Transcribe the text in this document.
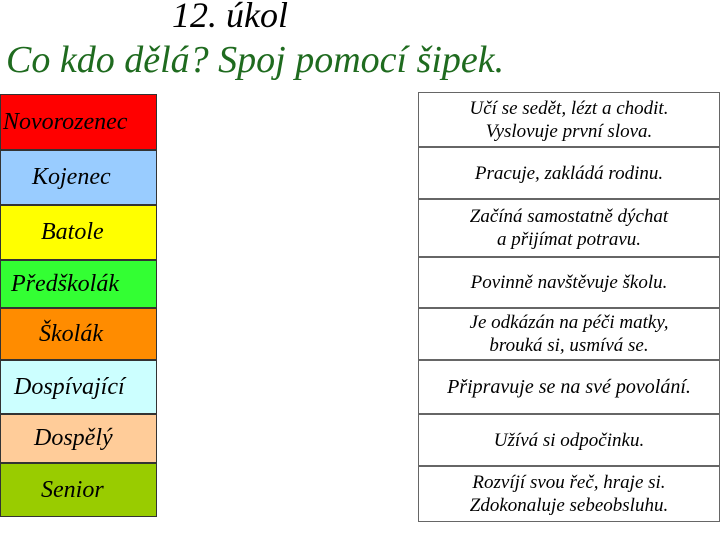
12. úkol
Co kdo dělá? Spoj pomocí šipek.
Novorozenec
Kojenec
Batole
Předškolák
Školák
Dospívající
Dospělý
Senior
Učí se sedět, lézt a chodit.
Vyslovuje první slova.
Pracuje, zakládá rodinu.
Začíná samostatně dýchat
a přijímat potravu.
Povinně navštěvuje školu.
Je odkázán na péči matky,
brouká si, usmívá se.
Připravuje se na své povolání.
Užívá si odpočinku.
Rozvíjí svou řeč, hraje si.
Zdokonaluje sebeobsluhu.
